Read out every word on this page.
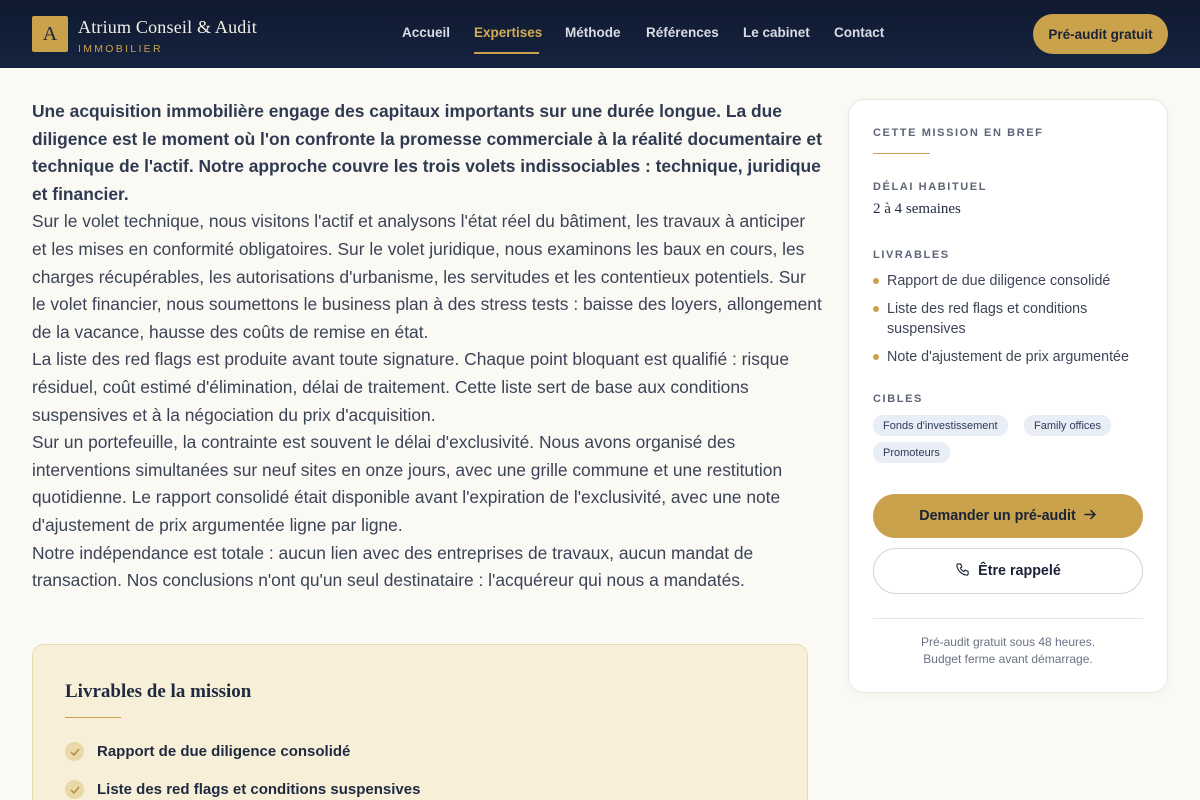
A	Atrium Conseil & Audit
IMMOBILIER
Accueil Expertises Méthode Références Le cabinet Contact	Pré-audit gratuit

Une acquisition immobilière engage des capitaux importants sur une durée longue. La due diligence est le moment où l'on confronte la promesse commerciale à la réalité documentaire et technique de l'actif. Notre approche couvre les trois volets indissociables : technique, juridique et financier.

Sur le volet technique, nous visitons l'actif et analysons l'état réel du bâtiment, les travaux à anticiper et les mises en conformité obligatoires. Sur le volet juridique, nous examinons les baux en cours, les charges récupérables, les autorisations d'urbanisme, les servitudes et les contentieux potentiels. Sur le volet financier, nous soumettons le business plan à des stress tests : baisse des loyers, allongement de la vacance, hausse des coûts de remise en état.

La liste des red flags est produite avant toute signature. Chaque point bloquant est qualifié : risque résiduel, coût estimé d'élimination, délai de traitement. Cette liste sert de base aux conditions suspensives et à la négociation du prix d'acquisition.

Sur un portefeuille, la contrainte est souvent le délai d'exclusivité. Nous avons organisé des interventions simultanées sur neuf sites en onze jours, avec une grille commune et une restitution quotidienne. Le rapport consolidé était disponible avant l'expiration de l'exclusivité, avec une note d'ajustement de prix argumentée ligne par ligne.

Notre indépendance est totale : aucun lien avec des entreprises de travaux, aucun mandat de transaction. Nos conclusions n'ont qu'un seul destinataire : l'acquéreur qui nous a mandatés.

Livrables de la mission
Rapport de due diligence consolidé
Liste des red flags et conditions suspensives
CETTE MISSION EN BREF
DÉLAI HABITUEL
2 à 4 semaines
LIVRABLES
Rapport de due diligence consolidé
Liste des red flags et conditions suspensives
Note d'ajustement de prix argumentée
CIBLES
Fonds d'investissement	Family offices
Promoteurs
Demander un pré-audit
Être rappelé
Pré-audit gratuit sous 48 heures.
Budget ferme avant démarrage.
